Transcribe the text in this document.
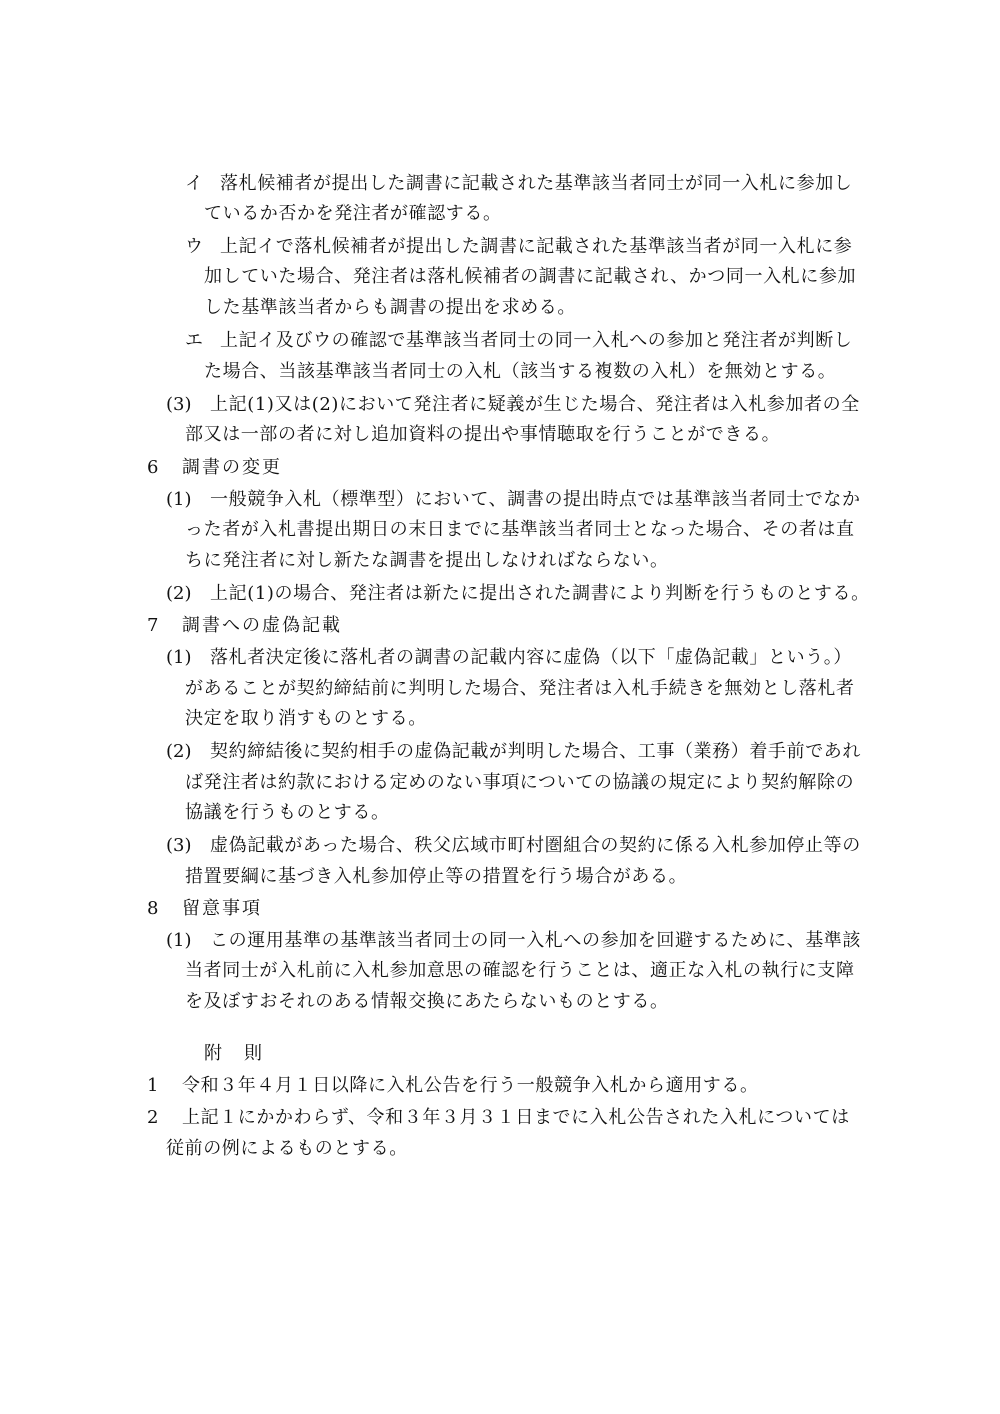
イ 落札候補者が提出した調書に記載された基準該当者同士が同一入札に参加し
ているか否かを発注者が確認する。
ウ 上記イで落札候補者が提出した調書に記載された基準該当者が同一入札に参
加していた場合、発注者は落札候補者の調書に記載され、かつ同一入札に参加
した基準該当者からも調書の提出を求める。
エ 上記イ及びウの確認で基準該当者同士の同一入札への参加と発注者が判断し
た場合、当該基準該当者同士の入札（該当する複数の入札）を無効とする。
(3) 上記(1)又は(2)において発注者に疑義が生じた場合、発注者は入札参加者の全
部又は一部の者に対し追加資料の提出や事情聴取を行うことができる。
6 調書の変更
(1) 一般競争入札（標準型）において、調書の提出時点では基準該当者同士でなか
った者が入札書提出期日の末日までに基準該当者同士となった場合、その者は直
ちに発注者に対し新たな調書を提出しなければならない。
(2) 上記(1)の場合、発注者は新たに提出された調書により判断を行うものとする。
7 調書への虚偽記載
(1) 落札者決定後に落札者の調書の記載内容に虚偽（以下「虚偽記載」という。）
があることが契約締結前に判明した場合、発注者は入札手続きを無効とし落札者
決定を取り消すものとする。
(2) 契約締結後に契約相手の虚偽記載が判明した場合、工事（業務）着手前であれ
ば発注者は約款における定めのない事項についての協議の規定により契約解除の
協議を行うものとする。
(3) 虚偽記載があった場合、秩父広域市町村圏組合の契約に係る入札参加停止等の
措置要綱に基づき入札参加停止等の措置を行う場合がある。
8 留意事項
(1) この運用基準の基準該当者同士の同一入札への参加を回避するために、基準該
当者同士が入札前に入札参加意思の確認を行うことは、適正な入札の執行に支障
を及ぼすおそれのある情報交換にあたらないものとする。
附　則
1 令和３年４月１日以降に入札公告を行う一般競争入札から適用する。
2 上記１にかかわらず、令和３年３月３１日までに入札公告された入札については
従前の例によるものとする。
